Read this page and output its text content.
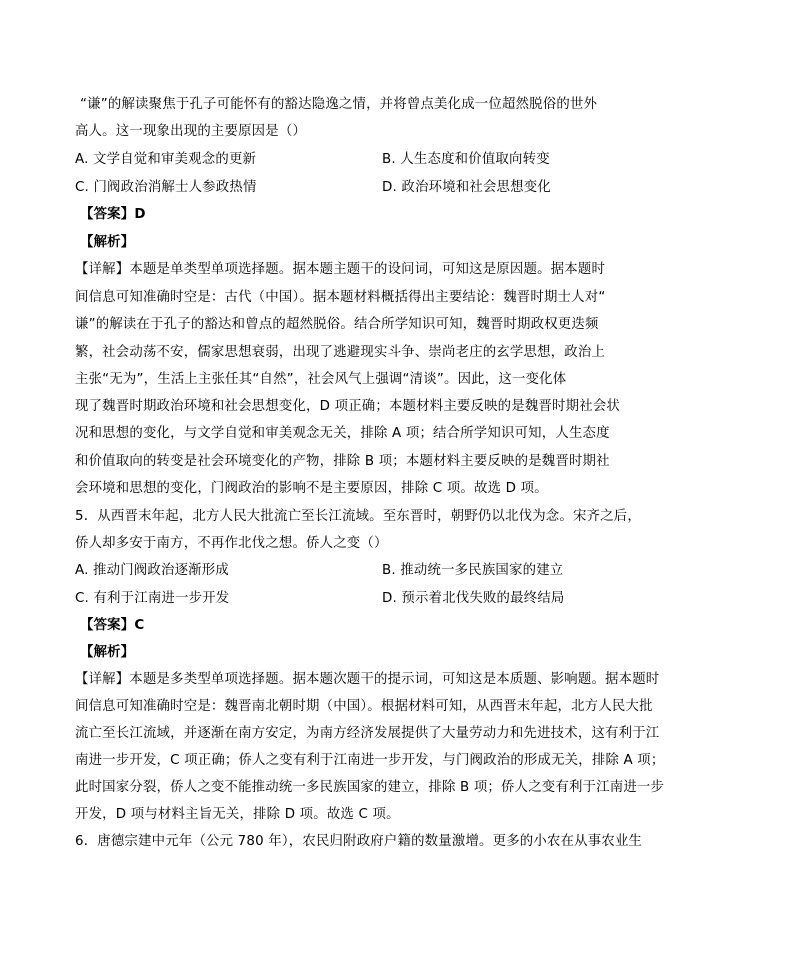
“谦”的解读聚焦于孔子可能怀有的豁达隐逸之情，并将曾点美化成一位超然脱俗的世外
高人。这一现象出现的主要原因是（）
A. 文学自觉和审美观念的更新	B. 人生态度和价值取向转变
C. 门阀政治消解士人参政热情	D. 政治环境和社会思想变化
【答案】D
【解析】
【详解】本题是单类型单项选择题。据本题主题干的设问词，可知这是原因题。据本题时
间信息可知准确时空是：古代（中国）。据本题材料概括得出主要结论：魏晋时期士人对“
谦”的解读在于孔子的豁达和曾点的超然脱俗。结合所学知识可知，魏晋时期政权更迭频
繁，社会动荡不安，儒家思想衰弱，出现了逃避现实斗争、崇尚老庄的玄学思想，政治上
主张“无为”，生活上主张任其“自然”，社会风气上强调“清谈”。因此，这一变化体
现了魏晋时期政治环境和社会思想变化，D 项正确；本题材料主要反映的是魏晋时期社会状
况和思想的变化，与文学自觉和审美观念无关，排除 A 项；结合所学知识可知，人生态度
和价值取向的转变是社会环境变化的产物，排除 B 项；本题材料主要反映的是魏晋时期社
会环境和思想的变化，门阀政治的影响不是主要原因，排除 C 项。故选 D 项。
5．从西晋末年起，北方人民大批流亡至长江流域。至东晋时，朝野仍以北伐为念。宋齐之后，
侨人却多安于南方，不再作北伐之想。侨人之变（）
A. 推动门阀政治逐渐形成	B. 推动统一多民族国家的建立
C. 有利于江南进一步开发	D. 预示着北伐失败的最终结局
【答案】C
【解析】
【详解】本题是多类型单项选择题。据本题次题干的提示词，可知这是本质题、影响题。据本题时
间信息可知准确时空是：魏晋南北朝时期（中国）。根据材料可知，从西晋末年起，北方人民大批
流亡至长江流域，并逐渐在南方安定，为南方经济发展提供了大量劳动力和先进技术，这有利于江
南进一步开发，C 项正确；侨人之变有利于江南进一步开发，与门阀政治的形成无关，排除 A 项；
此时国家分裂，侨人之变不能推动统一多民族国家的建立，排除 B 项；侨人之变有利于江南进一步
开发，D 项与材料主旨无关，排除 D 项。故选 C 项。
6．唐德宗建中元年（公元 780 年），农民归附政府户籍的数量激增。更多的小农在从事农业生
